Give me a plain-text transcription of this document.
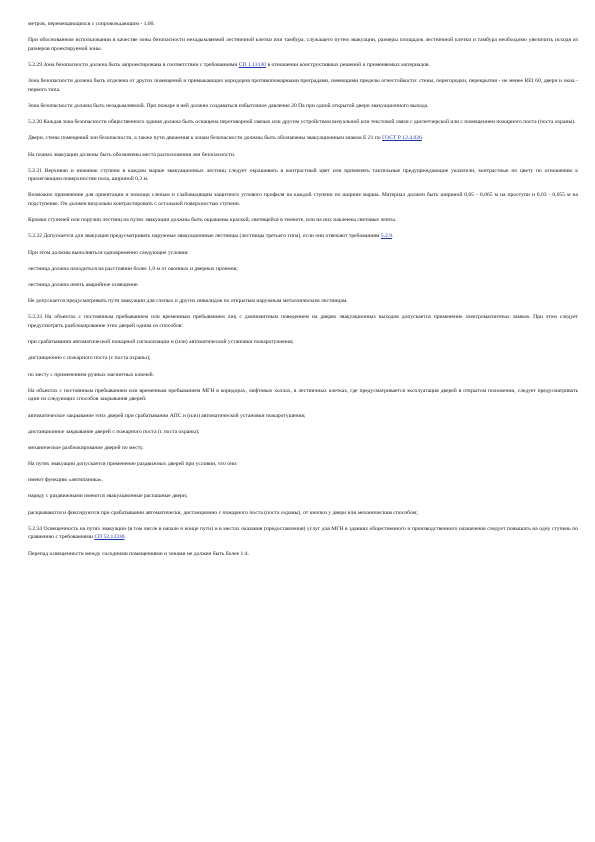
метров, перемещающихся с сопровождающим - 1,00.

При обоснованном использовании в качестве зоны безопасности незадымляемой лестничной клетки или тамбура, служащего путем эвакуации, размеры площадок лестничной клетки и тамбура необходимо увеличить исходя из размеров проектируемой зоны.

5.2.29 Зона безопасности должна быть запроектирована в соответствии с требованиями СП 1.13130 в отношении конструктивных решений и применяемых материалов.

Зона безопасности должна быть отделена от других помещений и примыкающих коридоров противопожарными преградами, имеющими пределы огнестойкости: стены, перегородки, перекрытия - не менее REI 60, двери и окна - первого типа.

Зона безопасности должна быть незадымляемой. При пожаре в ней должно создаваться избыточное давление 20 Па при одной открытой двери эвакуационного выхода.

5.2.30 Каждая зона безопасности общественного здания должна быть оснащена переговорной связью или другим устройством визуальной или текстовой связи с диспетчерской или с помещением пожарного поста (поста охраны).

Двери, стены помещений зон безопасности, а также пути движения к зонам безопасности должны быть обозначены эвакуационным знаком Е 21 по ГОСТ Р 12.4.026.

На планах эвакуации должны быть обозначены места расположения зон безопасности.

5.2.31 Верхнюю и нижнюю ступени в каждом марше эвакуационных лестниц следует окрашивать в контрастный цвет или применять тактильные предупреждающие указатели, контрастные по цвету по отношению к прилегающим поверхностям пола, шириной 0,3 м.

Возможно применение для ориентации и помощи слепым и слабовидящим защитного углового профиля на каждой ступени по ширине марша. Материал должен быть шириной 0,05 - 0,065 м на проступи и 0,03 - 0,055 м на подступенке. Он должен визуально контрастировать с остальной поверхностью ступени.

Кромки ступеней или поручни лестниц на путях эвакуации должны быть окрашены краской, светящейся в темноте, или на них наклеены световые ленты.

5.2.32 Допускается для эвакуации предусматривать наружные эвакуационные лестницы (лестницы третьего типа), если они отвечают требованиям 5.2.9.

При этом должны выполняться одновременно следующие условия:

лестница должна находиться на расстоянии более 1,0 м от оконных и дверных проемов;

лестница должна иметь аварийное освещение.

Не допускается предусматривать пути эвакуации для слепых и других инвалидов по открытым наружным металлическим лестницам.

5.2.33 На объектах с постоянным пребыванием или временным пребыванием лиц с доминантным поведением на дверях эвакуационных выходов допускается применение электромагнитных замков. При этом следует предусмотреть разблокирование этих дверей одним из способов:

при срабатывании автоматической пожарной сигнализации и (или) автоматической установки пожаротушения;

дистанционно с пожарного поста (с поста охраны);

по месту с применением ручных магнитных ключей.

На объектах с постоянным пребыванием или временным пребыванием МГН в коридорах, лифтовых холлах, в лестничных клетках, где предусматривается эксплуатация дверей в открытом положении, следует предусматривать один из следующих способов закрывания дверей:

автоматическое закрывание этих дверей при срабатывании АПС и (или) автоматической установки пожаротушения;

дистанционное закрывание дверей с пожарного поста (с поста охраны);

механическое разблокирование дверей по месту.

На путях эвакуации допускается применение раздвижных дверей при условии, что они:

имеют функцию «антипаника»,

наряду с раздвижными имеются эвакуационные распашные двери;

раскрываются и фиксируются при срабатывании автоматически, дистанционно с пожарного поста (поста охраны), от кнопки у двери или механическим способом;

5.2.34 Освещенность на путях эвакуации (в том числе в начале и конце пути) и в местах оказания (предоставления) услуг для МГН в зданиях общественного и производственного назначения следует повышать на одну ступень по сравнению с требованиями СП 52.13330.

Перепад освещенности между соседними помещениями и зонами не должен быть более 1:4.
